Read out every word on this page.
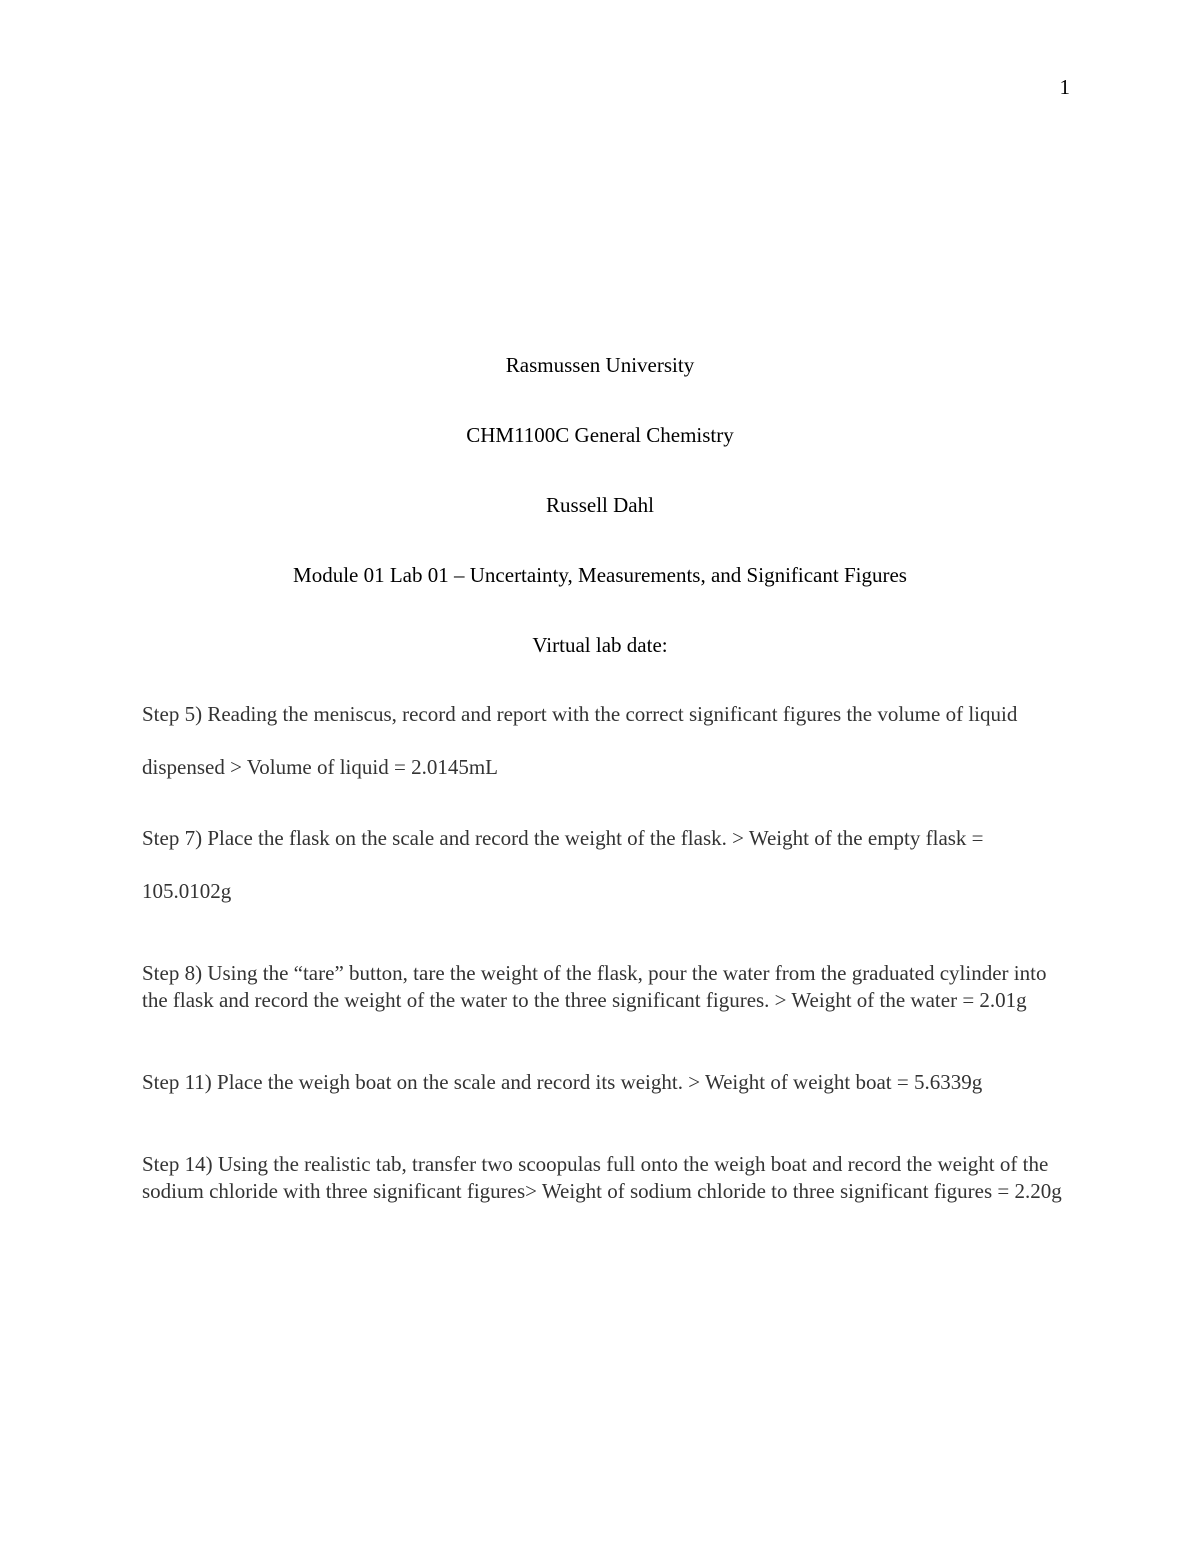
1
Rasmussen University
CHM1100C General Chemistry
Russell Dahl
Module 01 Lab 01 – Uncertainty, Measurements, and Significant Figures
Virtual lab date:

Step 5) Reading the meniscus, record and report with the correct significant figures the volume of liquid dispensed > Volume of liquid = 2.0145mL

Step 7) Place the flask on the scale and record the weight of the flask. > Weight of the empty flask = 105.0102g

Step 8) Using the “tare” button, tare the weight of the flask, pour the water from the graduated cylinder into the flask and record the weight of the water to the three significant figures. > Weight of the water = 2.01g

Step 11) Place the weigh boat on the scale and record its weight. > Weight of weight boat = 5.6339g

Step 14) Using the realistic tab, transfer two scoopulas full onto the weigh boat and record the weight of the sodium chloride with three significant figures> Weight of sodium chloride to three significant figures = 2.20g
